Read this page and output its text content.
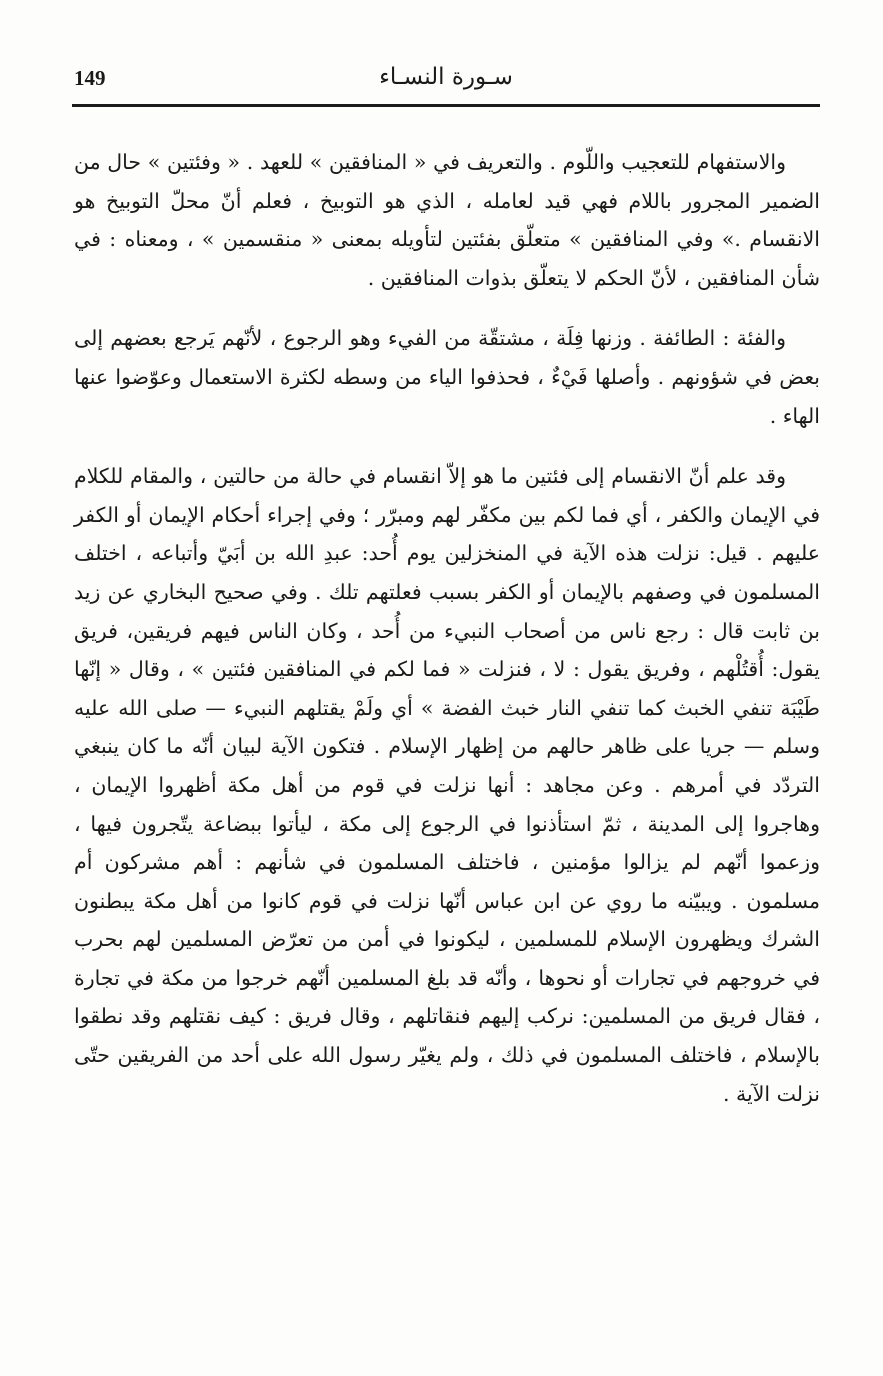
149	سـورة النسـاء

والاستفهام للتعجيب واللّوم . والتعريف في « المنافقين » للعهد . « وفئتين » حال من الضمير المجرور باللام فهي قيد لعامله ، الذي هو التوبيخ ، فعلم أنّ محلّ التوبيخ هو الانقسام .» وفي المنافقين » متعلّق بفئتين لتأويله بمعنى « منقسمين » ، ومعناه : في شأن المنافقين ، لأنّ الحكم لا يتعلّق بذوات المنافقين .

والفئة : الطائفة . وزنها فِلَة ، مشتقّة من الفيء وهو الرجوع ، لأنّهم يَرجع بعضهم إلى بعض في شؤونهم . وأصلها فَيْءٌ ، فحذفوا الياء من وسطه لكثرة الاستعمال وعوّضوا عنها الهاء .

وقد علم أنّ الانقسام إلى فئتين ما هو إلاّ انقسام في حالة من حالتين ، والمقام للكلام في الإيمان والكفر ، أي فما لكم بين مكفّر لهم ومبرّر ؛ وفي إجراء أحكام الإيمان أو الكفر عليهم . قيل: نزلت هذه الآية في المنخزلين يوم أُحد: عبدِ الله بن أبَيّ وأتباعه ، اختلف المسلمون في وصفهم بالإيمان أو الكفر بسبب فعلتهم تلك . وفي صحيح البخاري عن زيد بن ثابت قال : رجع ناس من أصحاب النبيء من أُحد ، وكان الناس فيهم فريقين، فريق يقول: أُقتُلْهم ، وفريق يقول : لا ، فنزلت « فما لكم في المنافقين فئتين » ، وقال « إنّها طَيْبَة تنفي الخبث كما تنفي النار خبث الفضة » أي ولَمْ يقتلهم النبيء — صلى الله عليه وسلم — جريا على ظاهر حالهم من إظهار الإسلام . فتكون الآية لبيان أنّه ما كان ينبغي التردّد في أمرهم . وعن مجاهد : أنها نزلت في قوم من أهل مكة أظهروا الإيمان ، وهاجروا إلى المدينة ، ثمّ استأذنوا في الرجوع إلى مكة ، ليأتوا ببضاعة يتّجرون فيها ، وزعموا أنّهم لم يزالوا مؤمنين ، فاختلف المسلمون في شأنهم : أهم مشركون أم مسلمون . ويبيّنه ما روي عن ابن عباس أنّها نزلت في قوم كانوا من أهل مكة يبطنون الشرك ويظهرون الإسلام للمسلمين ، ليكونوا في أمن من تعرّض المسلمين لهم بحرب في خروجهم في تجارات أو نحوها ، وأنّه قد بلغ المسلمين أنّهم خرجوا من مكة في تجارة ، فقال فريق من المسلمين: نركب إليهم فنقاتلهم ، وقال فريق : كيف نقتلهم وقد نطقوا بالإسلام ، فاختلف المسلمون في ذلك ، ولم يغيّر رسول الله على أحد من الفريقين حتّى نزلت الآية .
